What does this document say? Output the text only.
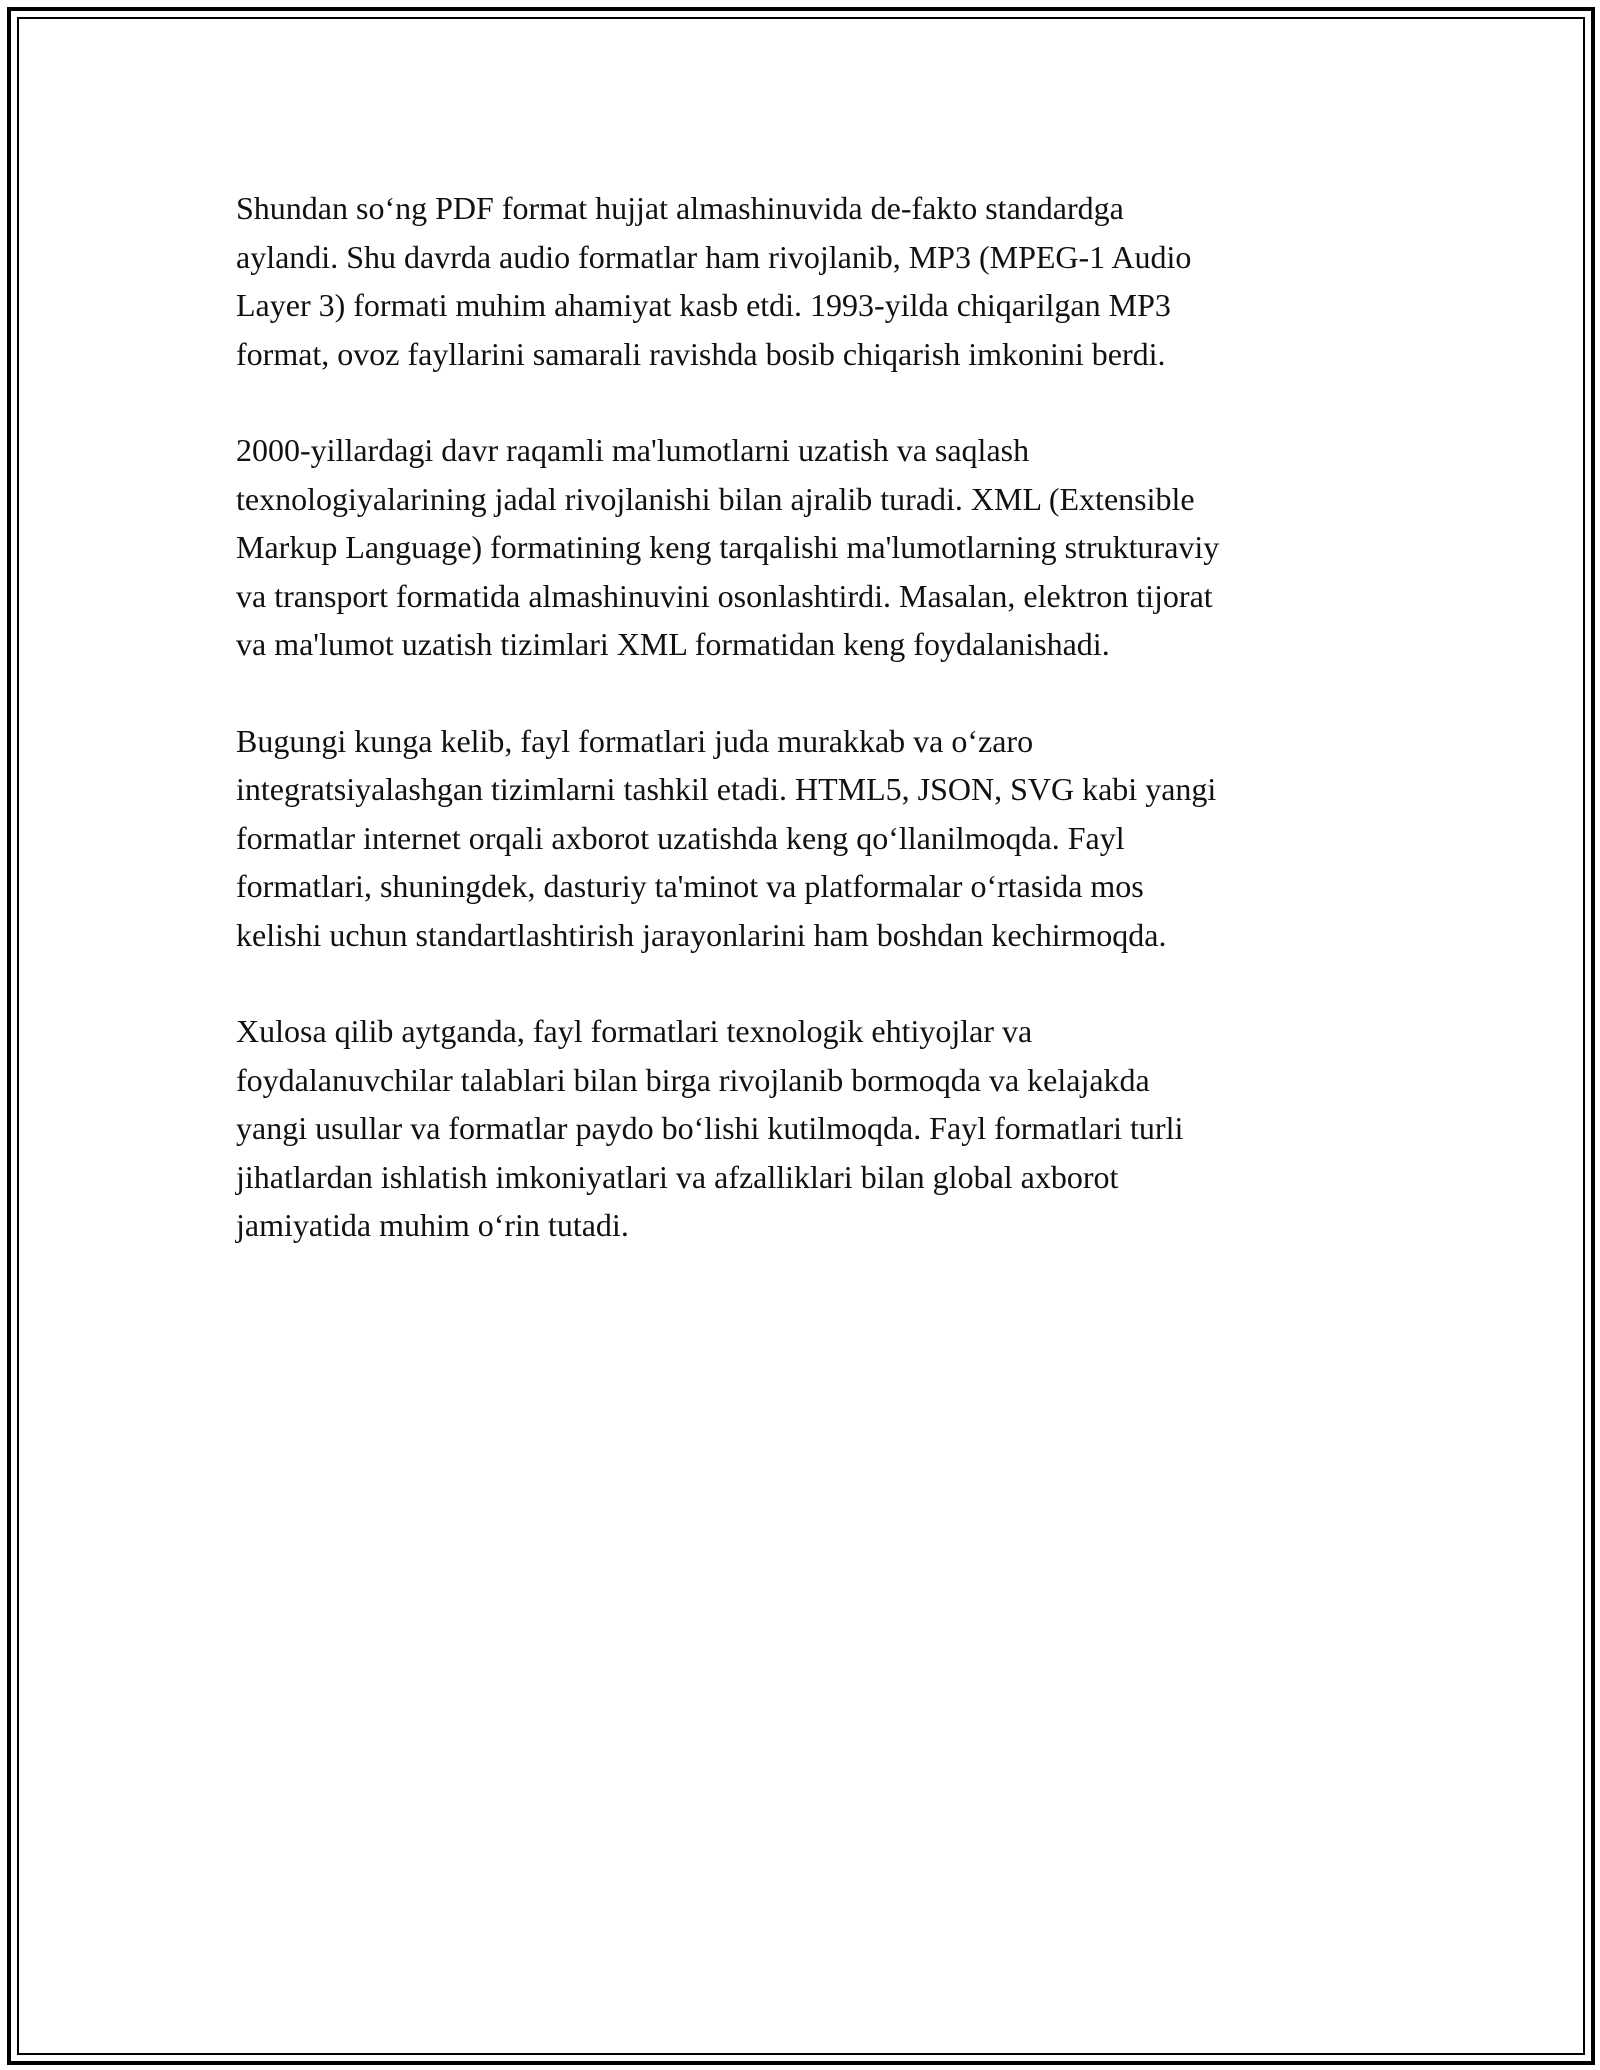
Shundan so‘ng PDF format hujjat almashinuvida de-fakto standardga
aylandi. Shu davrda audio formatlar ham rivojlanib, MP3 (MPEG-1 Audio
Layer 3) formati muhim ahamiyat kasb etdi. 1993-yilda chiqarilgan MP3
format, ovoz fayllarini samarali ravishda bosib chiqarish imkonini berdi.

2000-yillardagi davr raqamli ma'lumotlarni uzatish va saqlash
texnologiyalarining jadal rivojlanishi bilan ajralib turadi. XML (Extensible
Markup Language) formatining keng tarqalishi ma'lumotlarning strukturaviy
va transport formatida almashinuvini osonlashtirdi. Masalan, elektron tijorat
va ma'lumot uzatish tizimlari XML formatidan keng foydalanishadi.

Bugungi kunga kelib, fayl formatlari juda murakkab va o‘zaro
integratsiyalashgan tizimlarni tashkil etadi. HTML5, JSON, SVG kabi yangi
formatlar internet orqali axborot uzatishda keng qo‘llanilmoqda. Fayl
formatlari, shuningdek, dasturiy ta'minot va platformalar o‘rtasida mos
kelishi uchun standartlashtirish jarayonlarini ham boshdan kechirmoqda.

Xulosa qilib aytganda, fayl formatlari texnologik ehtiyojlar va
foydalanuvchilar talablari bilan birga rivojlanib bormoqda va kelajakda
yangi usullar va formatlar paydo bo‘lishi kutilmoqda. Fayl formatlari turli
jihatlardan ishlatish imkoniyatlari va afzalliklari bilan global axborot
jamiyatida muhim o‘rin tutadi.
